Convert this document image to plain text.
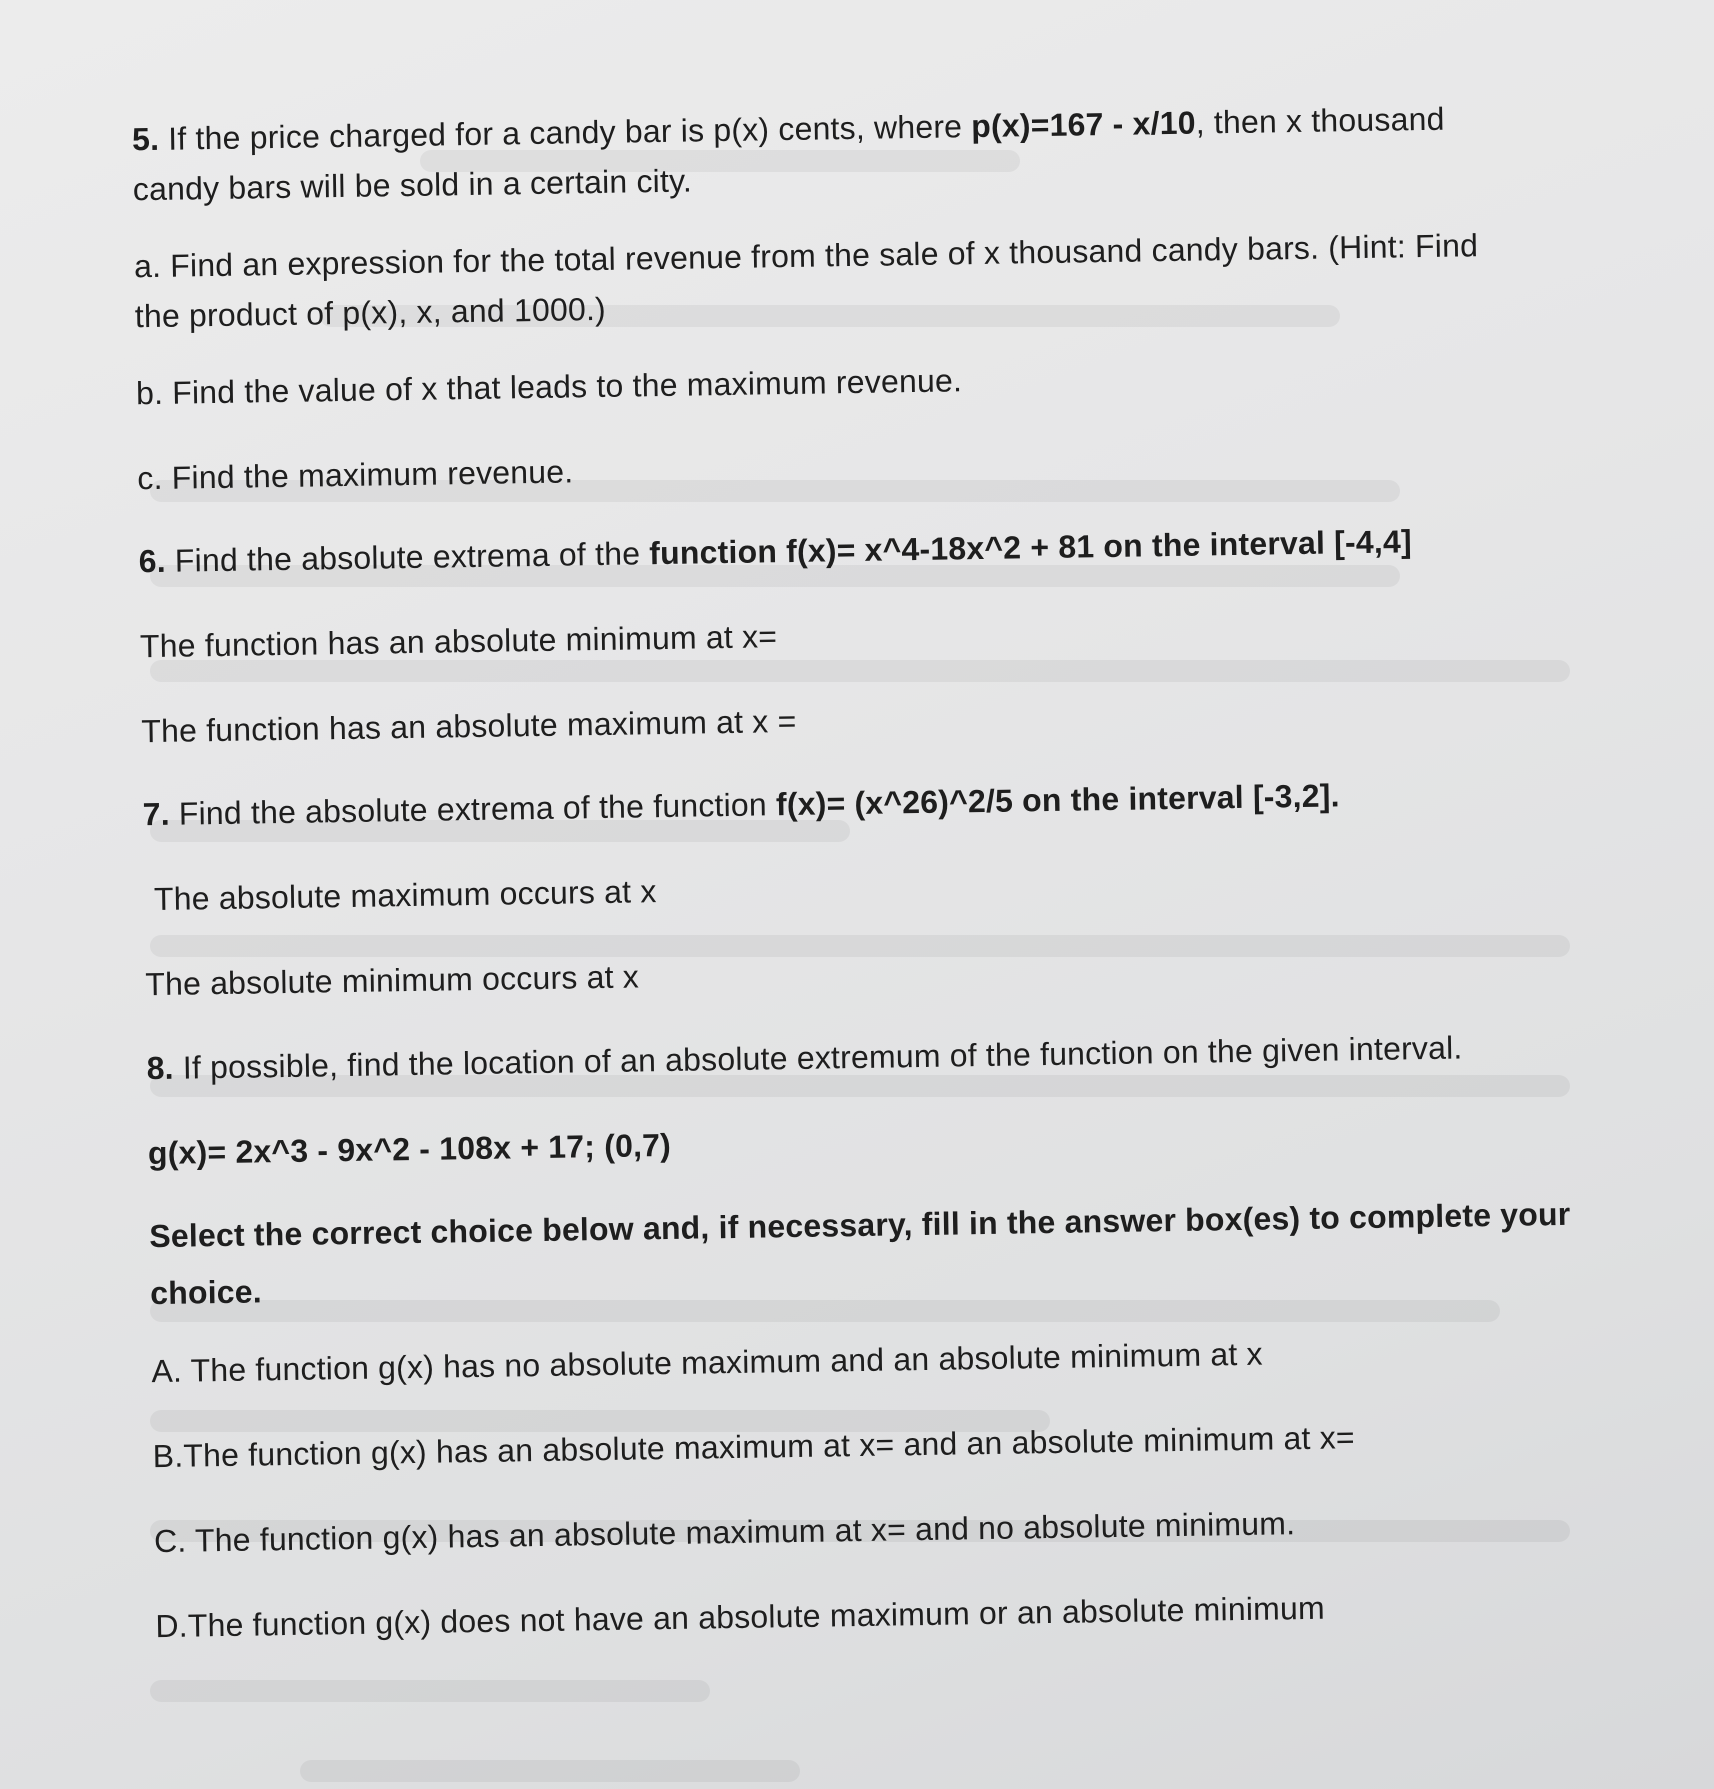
5. If the price charged for a candy bar is p(x) cents, where p(x)=167 - x/10, then x thousand
candy bars will be sold in a certain city.
a. Find an expression for the total revenue from the sale of x thousand candy bars. (Hint: Find
the product of p(x), x, and 1000.)
b. Find the value of x that leads to the maximum revenue.
c. Find the maximum revenue.
6. Find the absolute extrema of the function f(x)= x^4-18x^2 + 81 on the interval [-4,4]
The function has an absolute minimum at x=
The function has an absolute maximum at x =
7. Find the absolute extrema of the function f(x)= (x^26)^2/5 on the interval [-3,2].
The absolute maximum occurs at x
The absolute minimum occurs at x
8. If possible, find the location of an absolute extremum of the function on the given interval.
g(x)= 2x^3 - 9x^2 - 108x + 17; (0,7)
Select the correct choice below and, if necessary, fill in the answer box(es) to complete your
choice.
A. The function g(x) has no absolute maximum and an absolute minimum at x
B.The function g(x) has an absolute maximum at x= and an absolute minimum at x=
C. The function g(x) has an absolute maximum at x= and no absolute minimum.
D.The function g(x) does not have an absolute maximum or an absolute minimum
